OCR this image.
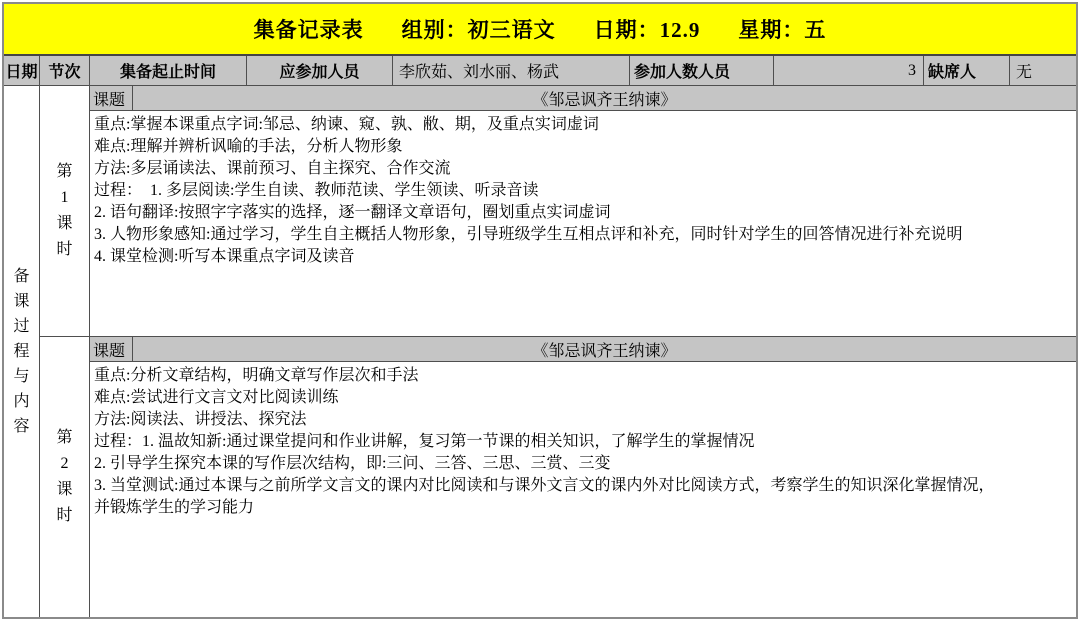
集备记录表 组别：初三语文 日期：12.9 星期：五
日期 节次	集备起止时间	应参加人员	李欣茹、刘水丽、杨武	参加人数人员	3 缺席人	无
备课过程与内容
第1课时
课题	《邹忌讽齐王纳谏》
重点:掌握本课重点字词:邹忌、纳谏、窥、孰、敝、期，及重点实词虚词
难点:理解并辨析讽喻的手法，分析人物形象
方法:多层诵读法、课前预习、自主探究、合作交流
过程：  1. 多层阅读:学生自读、教师范读、学生领读、听录音读
2. 语句翻译:按照字字落实的选择，逐一翻译文章语句，圈划重点实词虚词
3. 人物形象感知:通过学习，学生自主概括人物形象，引导班级学生互相点评和补充，同时针对学生的回答情况进行补充说明
4. 课堂检测:听写本课重点字词及读音
第2课时
课题	《邹忌讽齐王纳谏》
重点:分析文章结构，明确文章写作层次和手法
难点:尝试进行文言文对比阅读训练
方法:阅读法、讲授法、探究法
过程：1. 温故知新:通过课堂提问和作业讲解，复习第一节课的相关知识，了解学生的掌握情况
2. 引导学生探究本课的写作层次结构，即:三问、三答、三思、三赏、三变
3. 当堂测试:通过本课与之前所学文言文的课内对比阅读和与课外文言文的课内外对比阅读方式，考察学生的知识深化掌握情况，
并锻炼学生的学习能力
